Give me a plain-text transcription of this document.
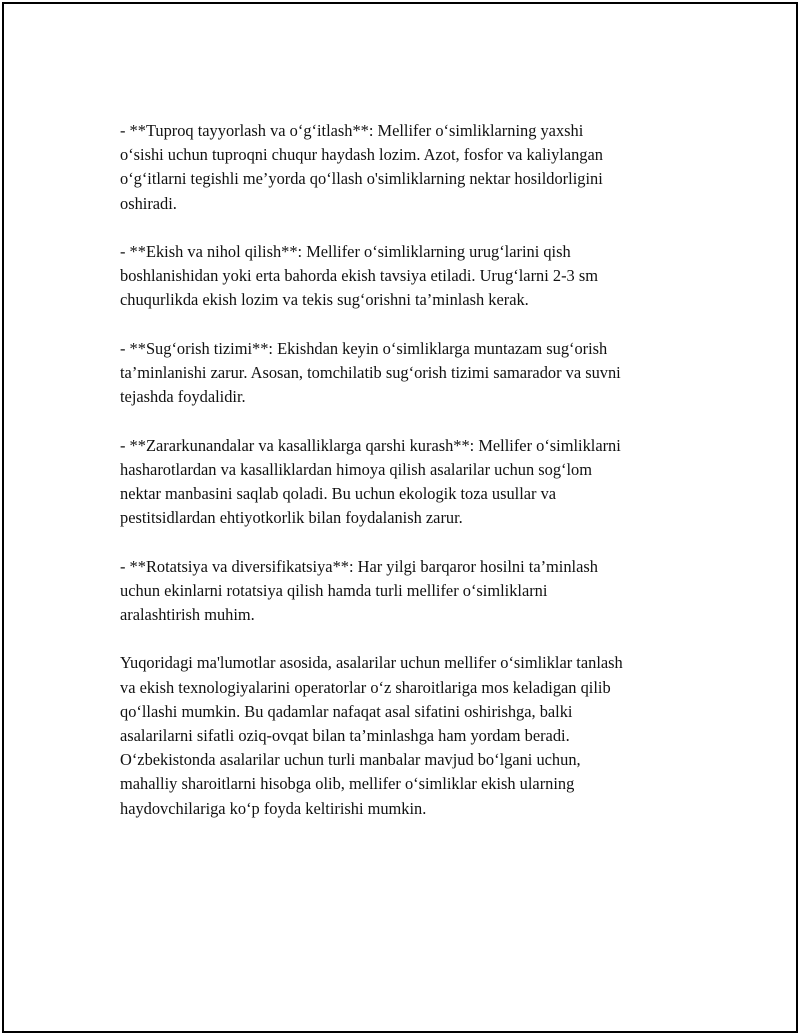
- **Tuproq tayyorlash va o‘g‘itlash**: Mellifer o‘simliklarning yaxshi
o‘sishi uchun tuproqni chuqur haydash lozim. Azot, fosfor va kaliylangan
o‘g‘itlarni tegishli me’yorda qo‘llash o'simliklarning nektar hosildorligini
oshiradi.

- **Ekish va nihol qilish**: Mellifer o‘simliklarning urug‘larini qish
boshlanishidan yoki erta bahorda ekish tavsiya etiladi. Urug‘larni 2-3 sm
chuqurlikda ekish lozim va tekis sug‘orishni ta’minlash kerak.

- **Sug‘orish tizimi**: Ekishdan keyin o‘simliklarga muntazam sug‘orish
ta’minlanishi zarur. Asosan, tomchilatib sug‘orish tizimi samarador va suvni
tejashda foydalidir.

- **Zararkunandalar va kasalliklarga qarshi kurash**: Mellifer o‘simliklarni
hasharotlardan va kasalliklardan himoya qilish asalarilar uchun sog‘lom
nektar manbasini saqlab qoladi. Bu uchun ekologik toza usullar va
pestitsidlardan ehtiyotkorlik bilan foydalanish zarur.

- **Rotatsiya va diversifikatsiya**: Har yilgi barqaror hosilni ta’minlash
uchun ekinlarni rotatsiya qilish hamda turli mellifer o‘simliklarni
aralashtirish muhim.

Yuqoridagi ma'lumotlar asosida, asalarilar uchun mellifer o‘simliklar tanlash
va ekish texnologiyalarini operatorlar o‘z sharoitlariga mos keladigan qilib
qo‘llashi mumkin. Bu qadamlar nafaqat asal sifatini oshirishga, balki
asalarilarni sifatli oziq-ovqat bilan ta’minlashga ham yordam beradi.
O‘zbekistonda asalarilar uchun turli manbalar mavjud bo‘lgani uchun,
mahalliy sharoitlarni hisobga olib, mellifer o‘simliklar ekish ularning
haydovchilariga ko‘p foyda keltirishi mumkin.
